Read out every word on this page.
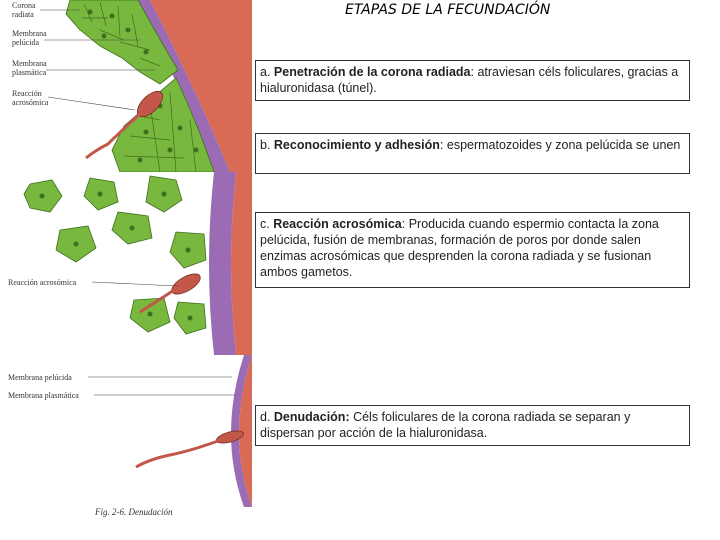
ETAPAS DE LA FECUNDACIÓN
Corona
radiata
Membrana
pelúcida
Membrana
plasmática
Reacción
acrosómica
Reacción acrosómica
Membrana pelúcida
Membrana plasmática
Fig. 2-6. Denudación
a. Penetración de la corona radiada: atraviesan céls foliculares, gracias a hialuronidasa (túnel).
b. Reconocimiento y adhesión: espermatozoides y zona pelúcida se unen
c. Reacción acrosómica: Producida cuando espermio contacta la zona pelúcida, fusión de membranas, formación de poros por donde salen enzimas acrosómicas que desprenden la corona radiada y se fusionan ambos gametos.
d. Denudación: Céls foliculares de la corona radiada se separan y dispersan por acción de la hialuronidasa.
